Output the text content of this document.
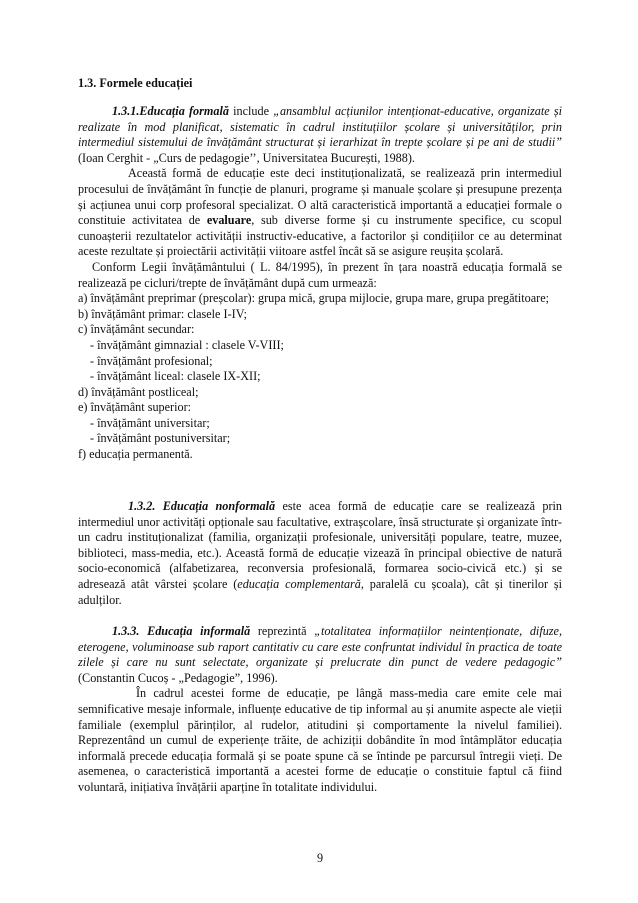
1.3. Formele educației

1.3.1.Educația formală include „ansamblul acțiunilor intenționat-educative, organizate și realizate în mod planificat, sistematic în cadrul instituțiilor școlare și universităților, prin intermediul sistemului de învățământ structurat și ierarhizat în trepte școlare și pe ani de studii” (Ioan Cerghit - „Curs de pedagogie’’, Universitatea București, 1988).

Această formă de educație este deci instituționalizată, se realizează prin intermediul procesului de învățământ în funcție de planuri, programe și manuale școlare și presupune prezența și acțiunea unui corp profesoral specializat. O altă caracteristică importantă a educației formale o constituie activitatea de evaluare, sub diverse forme și cu instrumente specifice, cu scopul cunoașterii rezultatelor activității instructiv-educative, a factorilor și condițiilor ce au determinat aceste rezultate și proiectării activității viitoare astfel încât să se asigure reușita școlară.

Conform Legii învățământului ( L. 84/1995), în prezent în țara noastră educația formală se realizează pe cicluri/trepte de învățământ după cum urmează:

a) învățământ preprimar (preșcolar): grupa mică, grupa mijlocie, grupa mare, grupa pregătitoare;

b) învățământ primar: clasele I-IV;
c) învățământ secundar:
- învățământ gimnazial : clasele V-VIII;
- învățământ profesional;
- învățământ liceal: clasele IX-XII;
d) învățământ postliceal;
e) învățământ superior:
- învățământ universitar;
- învățământ postuniversitar;
f) educația permanentă.

1.3.2. Educația nonformală este acea formă de educație care se realizează prin intermediul unor activități opționale sau facultative, extrașcolare, însă structurate și organizate într-un cadru instituționalizat (familia, organizații profesionale, universități populare, teatre, muzee, biblioteci, mass-media, etc.). Această formă de educație vizează în principal obiective de natură socio-economică (alfabetizarea, reconversia profesională, formarea socio-civică etc.) și se adresează atât vârstei școlare (educația complementară, paralelă cu școala), cât și tinerilor și adulților.

1.3.3. Educația informală reprezintă „totalitatea informațiilor neintenționate, difuze, eterogene, voluminoase sub raport cantitativ cu care este confruntat individul în practica de toate zilele și care nu sunt selectate, organizate și prelucrate din punct de vedere pedagogic” (Constantin Cucoș - „Pedagogie”, 1996).

În cadrul acestei forme de educație, pe lângă mass-media care emite cele mai semnificative mesaje informale, influențe educative de tip informal au și anumite aspecte ale vieții familiale (exemplul părinților, al rudelor, atitudini și comportamente la nivelul familiei). Reprezentând un cumul de experiențe trăite, de achiziții dobândite în mod întâmplător educația informală precede educația formală și se poate spune că se întinde pe parcursul întregii vieți. De asemenea, o caracteristică importantă a acestei forme de educație o constituie faptul că fiind voluntară, inițiativa învățării aparține în totalitate individului.

9
